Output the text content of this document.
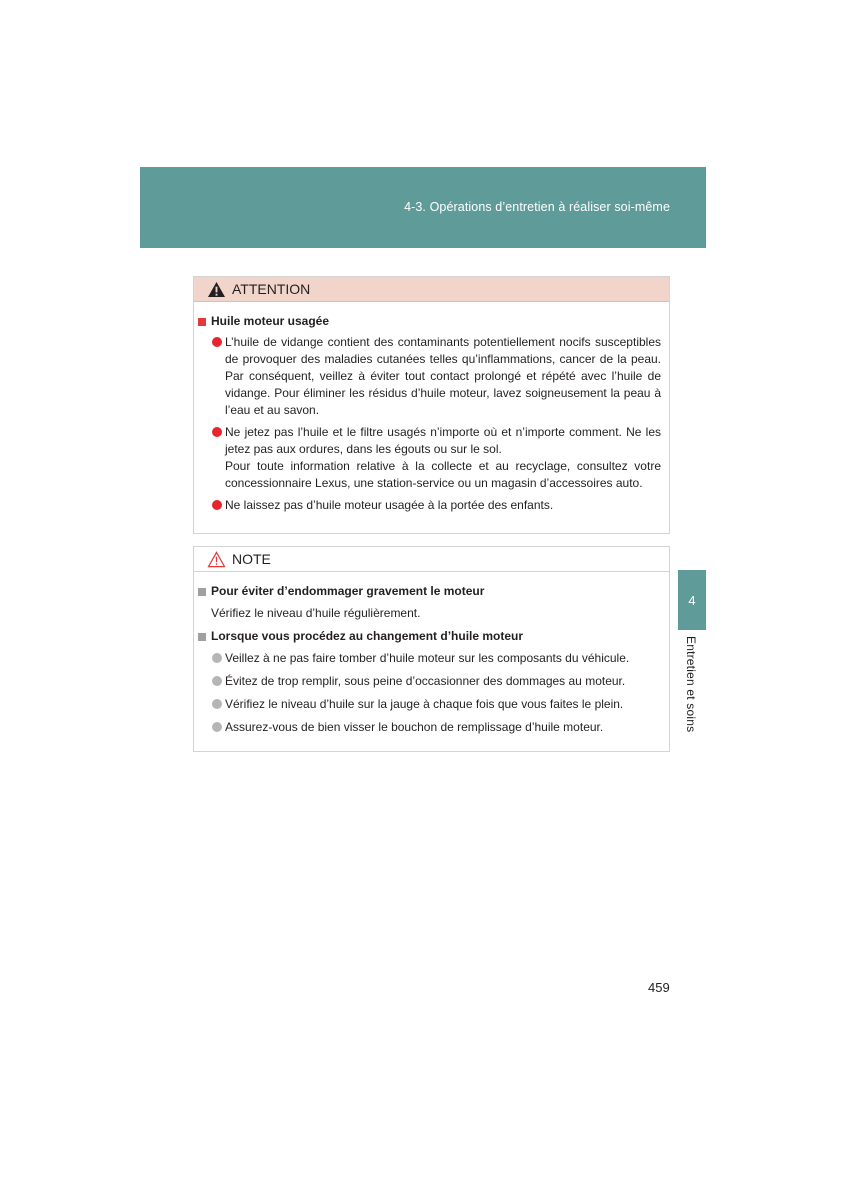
4-3. Opérations d’entretien à réaliser soi-même
4
Entretien et soins
ATTENTION
Huile moteur usagée

L’huile de vidange contient des contaminants potentiellement nocifs susceptibles de provoquer des maladies cutanées telles qu’inflammations, cancer de la peau. Par conséquent, veillez à éviter tout contact prolongé et répété avec l’huile de vidange. Pour éliminer les résidus d’huile moteur, lavez soigneusement la peau à l’eau et au savon.

Ne jetez pas l’huile et le filtre usagés n’importe où et n’importe comment. Ne les jetez pas aux ordures, dans les égouts ou sur le sol.

Pour toute information relative à la collecte et au recyclage, consultez votre concessionnaire Lexus, une station-service ou un magasin d’accessoires auto.

Ne laissez pas d’huile moteur usagée à la portée des enfants.

NOTE
Pour éviter d’endommager gravement le moteur
Vérifiez le niveau d’huile régulièrement.
Lorsque vous procédez au changement d’huile moteur
Veillez à ne pas faire tomber d’huile moteur sur les composants du véhicule.
Évitez de trop remplir, sous peine d’occasionner des dommages au moteur.
Vérifiez le niveau d’huile sur la jauge à chaque fois que vous faites le plein.
Assurez-vous de bien visser le bouchon de remplissage d’huile moteur.
459
